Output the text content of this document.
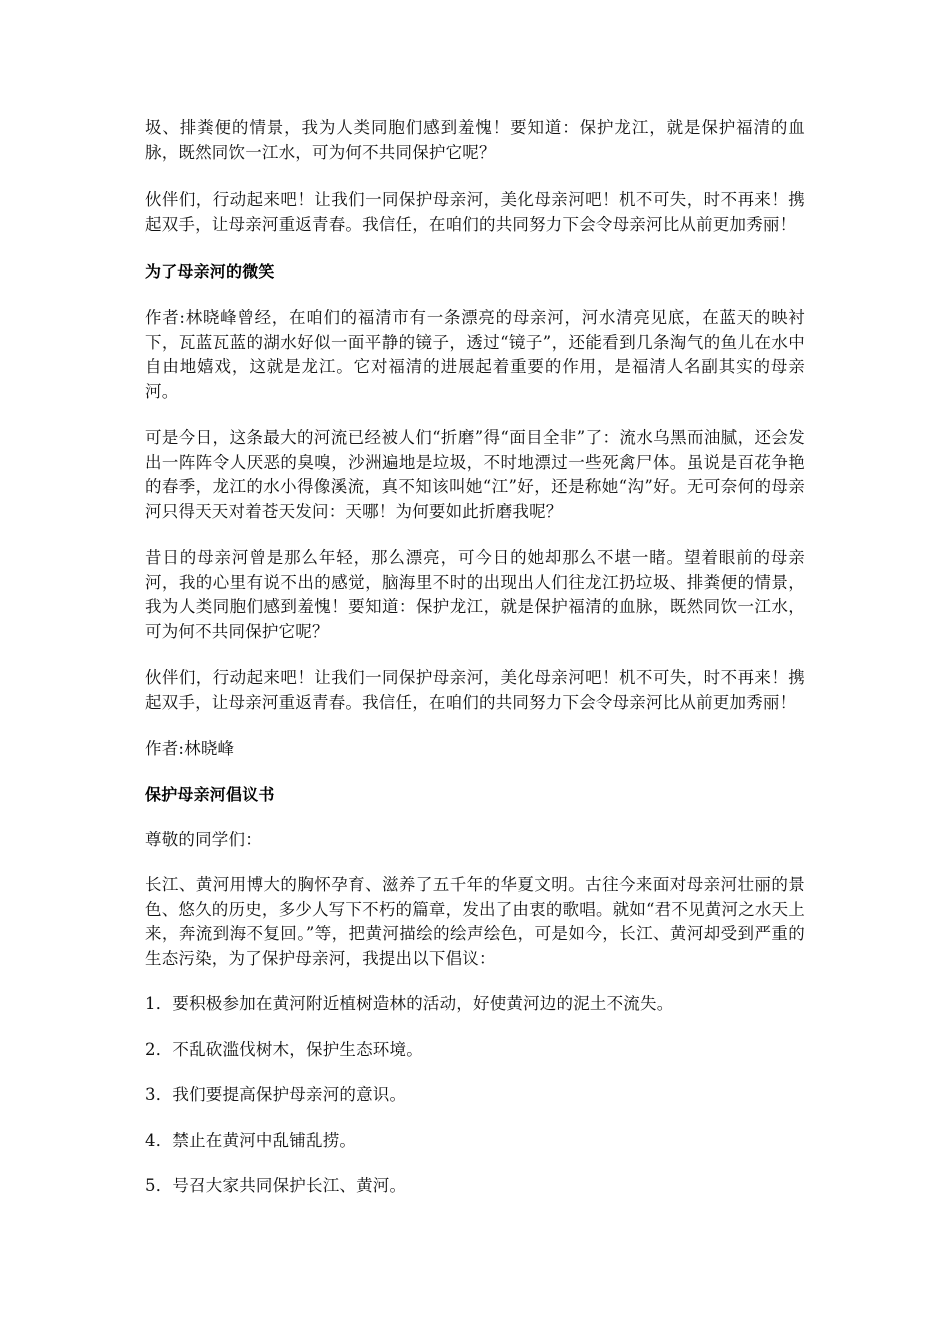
圾、排粪便的情景，我为人类同胞们感到羞愧！要知道：保护龙江，就是保护福清的血脉，既然同饮一江水，可为何不共同保护它呢？

伙伴们，行动起来吧！让我们一同保护母亲河，美化母亲河吧！机不可失，时不再来！携起双手，让母亲河重返青春。我信任，在咱们的共同努力下会令母亲河比从前更加秀丽！

为了母亲河的微笑

作者:林晓峰曾经，在咱们的福清市有一条漂亮的母亲河，河水清亮见底，在蓝天的映衬下，瓦蓝瓦蓝的湖水好似一面平静的镜子，透过“镜子”，还能看到几条淘气的鱼儿在水中自由地嬉戏，这就是龙江。它对福清的进展起着重要的作用，是福清人名副其实的母亲河。

可是今日，这条最大的河流已经被人们“折磨”得“面目全非”了：流水乌黑而油腻，还会发出一阵阵令人厌恶的臭嗅，沙洲遍地是垃圾，不时地漂过一些死禽尸体。虽说是百花争艳的春季，龙江的水小得像溪流，真不知该叫她“江”好，还是称她“沟”好。无可奈何的母亲河只得天天对着苍天发问：天哪！为何要如此折磨我呢？

昔日的母亲河曾是那么年轻，那么漂亮，可今日的她却那么不堪一睹。望着眼前的母亲河，我的心里有说不出的感觉，脑海里不时的出现出人们往龙江扔垃圾、排粪便的情景，我为人类同胞们感到羞愧！要知道：保护龙江，就是保护福清的血脉，既然同饮一江水，可为何不共同保护它呢？

伙伴们，行动起来吧！让我们一同保护母亲河，美化母亲河吧！机不可失，时不再来！携起双手，让母亲河重返青春。我信任，在咱们的共同努力下会令母亲河比从前更加秀丽！

作者:林晓峰

保护母亲河倡议书

尊敬的同学们：

长江、黄河用博大的胸怀孕育、滋养了五千年的华夏文明。古往今来面对母亲河壮丽的景色、悠久的历史，多少人写下不朽的篇章，发出了由衷的歌唱。就如“君不见黄河之水天上来，奔流到海不复回。”等，把黄河描绘的绘声绘色，可是如今，长江、黄河却受到严重的生态污染，为了保护母亲河，我提出以下倡议：

1．要积极参加在黄河附近植树造林的活动，好使黄河边的泥土不流失。

2．不乱砍滥伐树木，保护生态环境。

3．我们要提高保护母亲河的意识。

4．禁止在黄河中乱铺乱捞。

5．号召大家共同保护长江、黄河。
